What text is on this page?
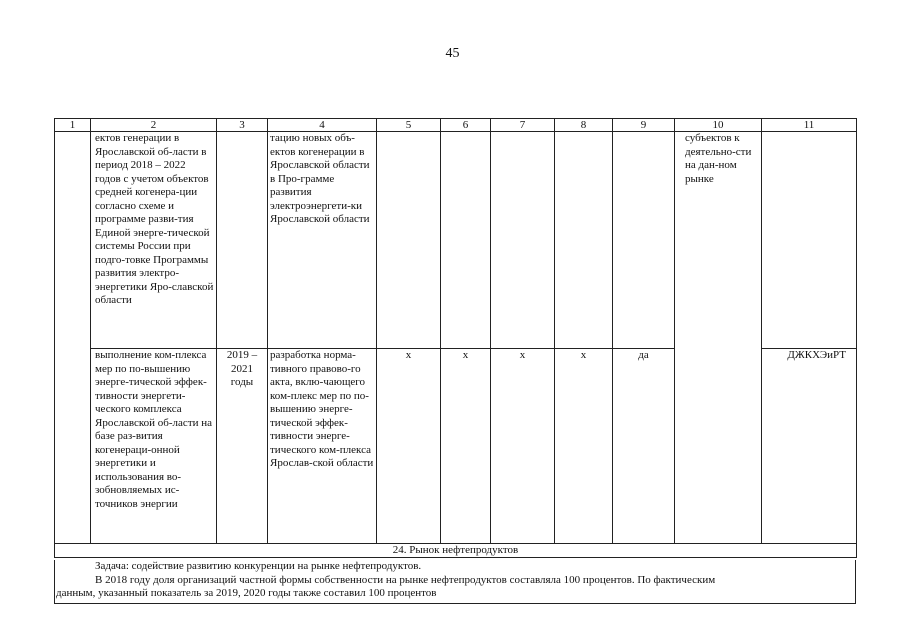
45
1	2	3	4	5	6	7	8	9	10	11

	ектов генерации в Ярославской об-ласти в период 2018 – 2022 годов с учетом объектов средней когенера-ции согласно схеме и программе разви-тия Единой энерге-тической системы России при подго-товке Программы развития электро-энергетики Яро-славской области		тацию новых объ-ектов когенерации в Ярославской области в Про-грамме развития электроэнергети-ки Ярославской области						субъектов к деятельно-сти на дан-ном рынке	

	выполнение ком-плекса мер по по-вышению энерге-тической эффек-тивности энергети-ческого комплекса Ярославской об-ласти на базе раз-вития когенераци-онной энергетики и использования во-зобновляемых ис-точников энергии	2019 – 2021 годы	разработка норма-тивного правово-го акта, вклю-чающего ком-плекс мер по по-вышению энерге-тической эффек-тивности энерге-тического ком-плекса Ярослав-ской области	х	х	х	х	да		ДЖКХЭиРТ

24. Рынок нефтепродуктов										
Задача: содействие развитию конкуренции на рынке нефтепродуктов.
В 2018 году доля организаций частной формы собственности на рынке нефтепродуктов составляла 100 процентов. По фактическим
данным, указанный показатель за 2019, 2020 годы также составил 100 процентов
